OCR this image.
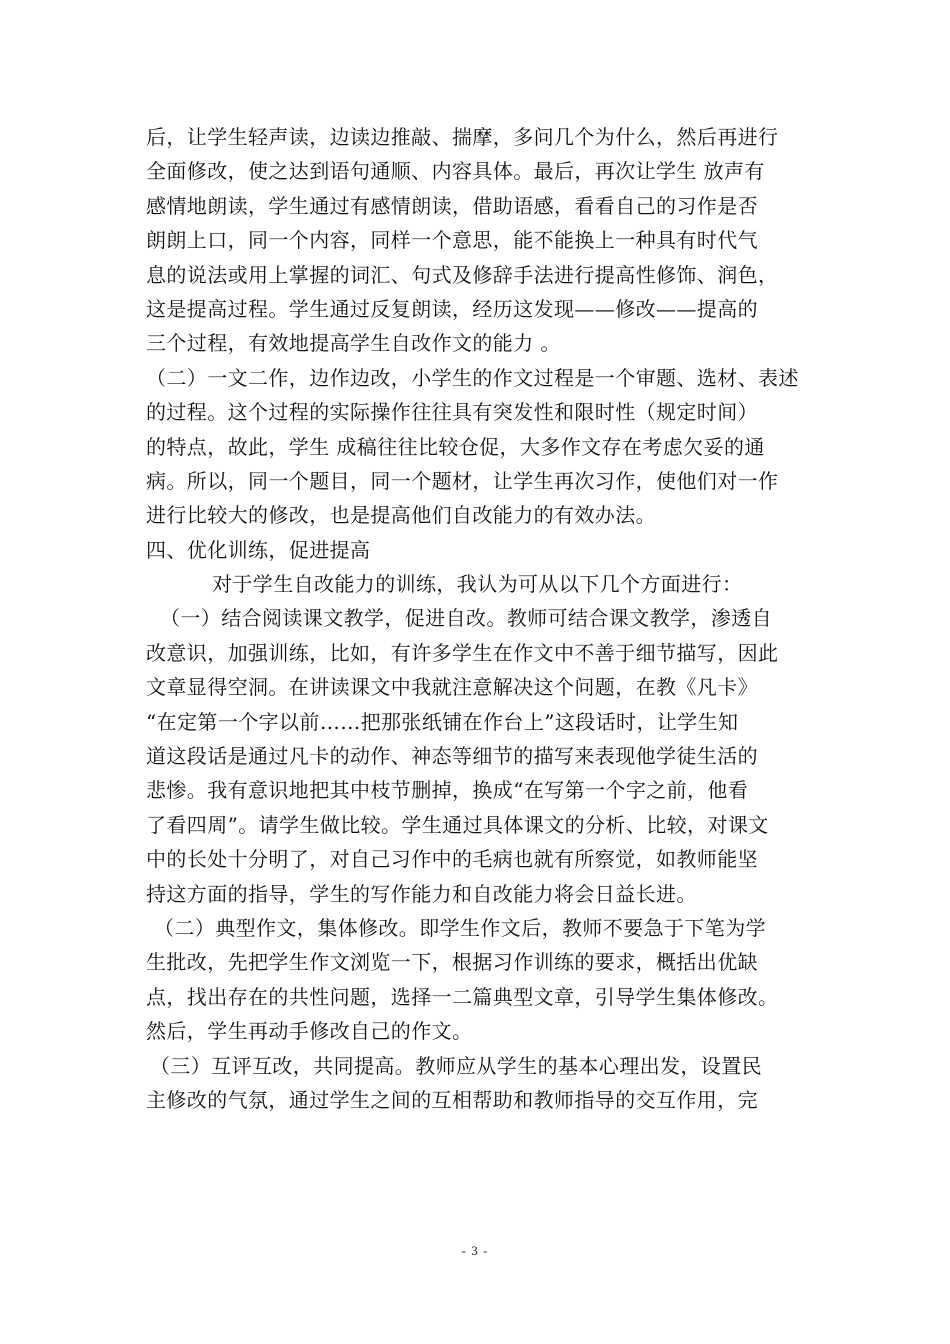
后，让学生轻声读，边读边推敲、揣摩，多问几个为什么，然后再进行
全面修改，使之达到语句通顺、内容具体。最后，再次让学生 放声有
感情地朗读，学生通过有感情朗读，借助语感，看看自己的习作是否
朗朗上口，同一个内容，同样一个意思，能不能换上一种具有时代气
息的说法或用上掌握的词汇、句式及修辞手法进行提高性修饰、润色，
这是提高过程。学生通过反复朗读，经历这发现——修改——提高的
三个过程，有效地提高学生自改作文的能力 。
（二）一文二作，边作边改，小学生的作文过程是一个审题、选材、表述
的过程。这个过程的实际操作往往具有突发性和限时性（规定时间）
的特点，故此，学生 成稿往往比较仓促，大多作文存在考虑欠妥的通
病。所以，同一个题目，同一个题材，让学生再次习作，使他们对一作
进行比较大的修改，也是提高他们自改能力的有效办法。
四、优化训练，促进提高
对于学生自改能力的训练，我认为可从以下几个方面进行：
（一）结合阅读课文教学，促进自改。教师可结合课文教学，渗透自
改意识，加强训练，比如，有许多学生在作文中不善于细节描写，因此
文章显得空洞。在讲读课文中我就注意解决这个问题，在教《凡卡》
“在定第一个字以前……把那张纸铺在作台上”这段话时，让学生知
道这段话是通过凡卡的动作、神态等细节的描写来表现他学徒生活的
悲惨。我有意识地把其中枝节删掉，换成“在写第一个字之前，他看
了看四周”。请学生做比较。学生通过具体课文的分析、比较，对课文
中的长处十分明了，对自己习作中的毛病也就有所察觉，如教师能坚
持这方面的指导，学生的写作能力和自改能力将会日益长进。
（二）典型作文，集体修改。即学生作文后，教师不要急于下笔为学
生批改，先把学生作文浏览一下，根据习作训练的要求，概括出优缺
点，找出存在的共性问题，选择一二篇典型文章，引导学生集体修改。
然后，学生再动手修改自己的作文。
（三）互评互改，共同提高。教师应从学生的基本心理出发，设置民
主修改的气氛，通过学生之间的互相帮助和教师指导的交互作用，完
- 3 -
